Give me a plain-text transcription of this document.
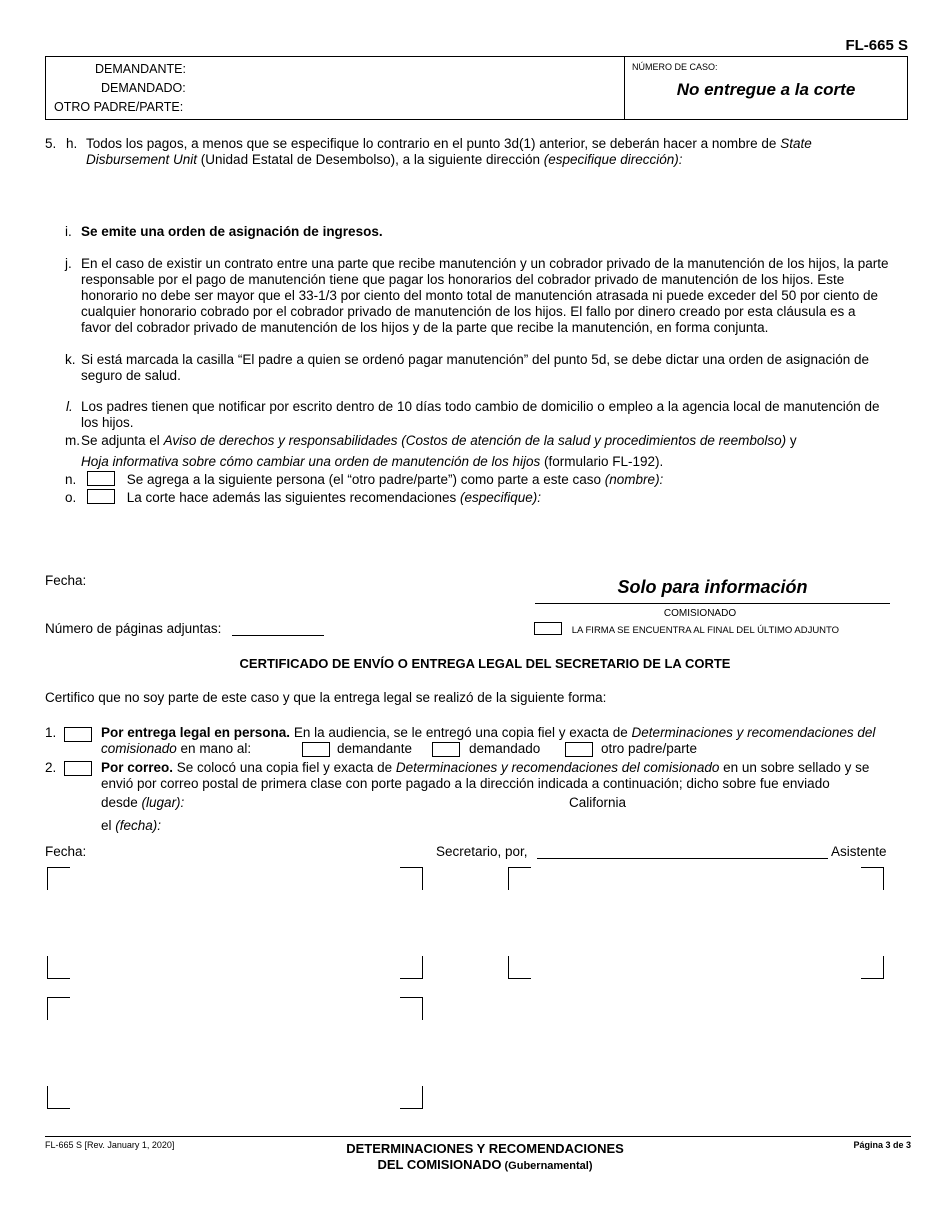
FL-665 S
DEMANDANTE:
DEMANDADO:
OTRO PADRE/PARTE:
NÚMERO DE CASO:
No entregue a la corte
5. h. Todos los pagos, a menos que se especifique lo contrario en el punto 3d(1) anterior, se deberán hacer a nombre de State Disbursement Unit (Unidad Estatal de Desembolso), a la siguiente dirección (especifique dirección):
i. Se emite una orden de asignación de ingresos.
j. En el caso de existir un contrato entre una parte que recibe manutención y un cobrador privado de la manutención de los hijos, la parte responsable por el pago de manutención tiene que pagar los honorarios del cobrador privado de manutención de los hijos. Este honorario no debe ser mayor que el 33-1/3 por ciento del monto total de manutención atrasada ni puede exceder del 50 por ciento de cualquier honorario cobrado por el cobrador privado de manutención de los hijos. El fallo por dinero creado por esta cláusula es a favor del cobrador privado de manutención de los hijos y de la parte que recibe la manutención, en forma conjunta.
k. Si está marcada la casilla “El padre a quien se ordenó pagar manutención” del punto 5d, se debe dictar una orden de asignación de seguro de salud.
l. Los padres tienen que notificar por escrito dentro de 10 días todo cambio de domicilio o empleo a la agencia local de manutención de los hijos.
m. Se adjunta el Aviso de derechos y responsabilidades (Costos de atención de la salud y procedimientos de reembolso) y
Hoja informativa sobre cómo cambiar una orden de manutención de los hijos (formulario FL-192).
n.	Se agrega a la siguiente persona (el “otro padre/parte”) como parte a este caso (nombre):
o.	La corte hace además las siguientes recomendaciones (especifique):
Fecha:	Solo para información
COMISIONADO
Número de páginas adjuntas:	LA FIRMA SE ENCUENTRA AL FINAL DEL ÚLTIMO ADJUNTO
CERTIFICADO DE ENVÍO O ENTREGA LEGAL DEL SECRETARIO DE LA CORTE
Certifico que no soy parte de este caso y que la entrega legal se realizó de la siguiente forma:
1.	Por entrega legal en persona. En la audiencia, se le entregó una copia fiel y exacta de Determinaciones y recomendaciones del comisionado en mano al:	demandante	demandado	otro padre/parte
2.	Por correo. Se colocó una copia fiel y exacta de Determinaciones y recomendaciones del comisionado en un sobre sellado y se envió por correo postal de primera clase con porte pagado a la dirección indicada a continuación; dicho sobre fue enviado
desde (lugar):	California
el (fecha):
Fecha:	Secretario, por,	Asistente
FL-665 S [Rev. January 1, 2020]	DETERMINACIONES Y RECOMENDACIONES
DEL COMISIONADO (Gubernamental)
Página 3 de 3
